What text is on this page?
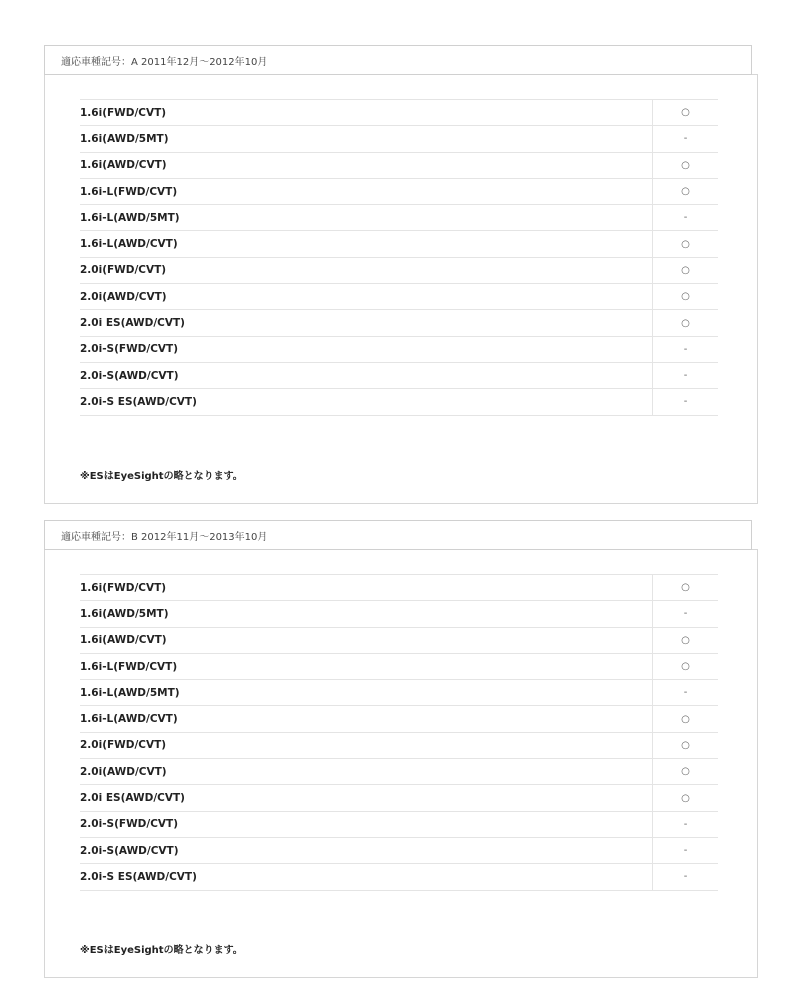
適応車種記号：A 2011年12月〜2012年10月
1.6i(FWD/CVT)	○
1.6i(AWD/5MT)	-
1.6i(AWD/CVT)	○
1.6i-L(FWD/CVT)	○
1.6i-L(AWD/5MT)	-
1.6i-L(AWD/CVT)	○
2.0i(FWD/CVT)	○
2.0i(AWD/CVT)	○
2.0i ES(AWD/CVT)	○
2.0i-S(FWD/CVT)	-
2.0i-S(AWD/CVT)	-
2.0i-S ES(AWD/CVT)	-
※ESはEyeSightの略となります。
適応車種記号：B 2012年11月〜2013年10月
1.6i(FWD/CVT)	○
1.6i(AWD/5MT)	-
1.6i(AWD/CVT)	○
1.6i-L(FWD/CVT)	○
1.6i-L(AWD/5MT)	-
1.6i-L(AWD/CVT)	○
2.0i(FWD/CVT)	○
2.0i(AWD/CVT)	○
2.0i ES(AWD/CVT)	○
2.0i-S(FWD/CVT)	-
2.0i-S(AWD/CVT)	-
2.0i-S ES(AWD/CVT)	-
※ESはEyeSightの略となります。
